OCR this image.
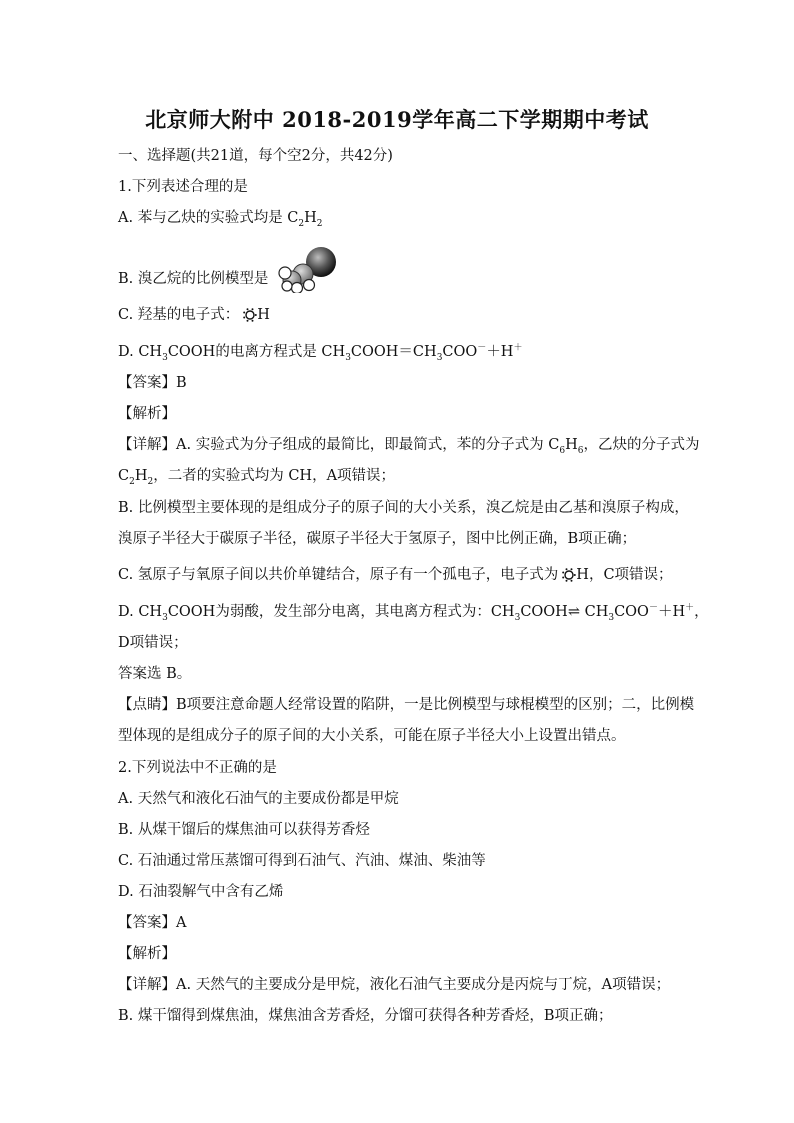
北京师大附中 2018-2019学年高二下学期期中考试
一、选择题(共21道，每个空2分，共42分)
1.下列表述合理的是
A. 苯与乙炔的实验式均是 $C_2H_2$
B. 溴乙烷的比例模型是
C. 羟基的电子式： H
D. $CH_3COOH$的电离方程式是 $CH_3COOH=CH_3COO^-+H^+$
【答案】B
【解析】
【详解】A. 实验式为分子组成的最简比，即最简式，苯的分子式为 $C_6H_6$，乙炔的分子式为
$C_2H_2$，二者的实验式均为 CH，A项错误；
B. 比例模型主要体现的是组成分子的原子间的大小关系，溴乙烷是由乙基和溴原子构成，
溴原子半径大于碳原子半径，碳原子半径大于氢原子，图中比例正确，B项正确；
C. 氢原子与氧原子间以共价单键结合，原子有一个孤电子，电子式为 H，C项错误；
D. $CH_3COOH$为弱酸，发生部分电离，其电离方程式为：$CH_3COOH\rightleftharpoons$ $CH_3COO^-+H^+$，
D项错误；
答案选 B。
【点睛】B项要注意命题人经常设置的陷阱，一是比例模型与球棍模型的区别；二，比例模
型体现的是组成分子的原子间的大小关系，可能在原子半径大小上设置出错点。
2.下列说法中不正确的是
A. 天然气和液化石油气的主要成份都是甲烷
B. 从煤干馏后的煤焦油可以获得芳香烃
C. 石油通过常压蒸馏可得到石油气、汽油、煤油、柴油等
D. 石油裂解气中含有乙烯
【答案】A
【解析】
【详解】A. 天然气的主要成分是甲烷，液化石油气主要成分是丙烷与丁烷，A项错误；
B. 煤干馏得到煤焦油，煤焦油含芳香烃，分馏可获得各种芳香烃，B项正确；
